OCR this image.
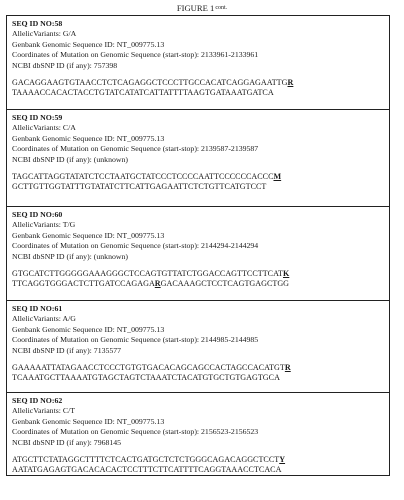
FIGURE $1^{cont.}$
SEQ ID NO:58
AllelicVariants: G/A
Genbank Genomic Sequence ID: NT_009775.13
Coordinates of Mutation on Genomic Sequence (start-stop): 2133961-2133961
NCBI dbSNP ID (if any): 757398
GACAGGAAGTGTAACCTCTCAGAGGCTCCCTTGCCACATCAGGAGAATTGR
TAAAACCACACTACCTGTATCATATCATTATTTTAAGTGATAAATGATCA
SEQ ID NO:59
AllelicVariants: C/A
Genbank Genomic Sequence ID: NT_009775.13
Coordinates of Mutation on Genomic Sequence (start-stop): 2139587-2139587
NCBI dbSNP ID (if any): (unknown)
TAGCATTAGGTATATCTCCTAATGCTATCCCTCCCCAATTCCCCCCACCCM
GCTTGTTGGTATTTGTATATCTTCATTGAGAATTCTCTGTTCATGTCCT
SEQ ID NO:60
AllelicVariants: T/G
Genbank Genomic Sequence ID: NT_009775.13
Coordinates of Mutation on Genomic Sequence (start-stop): 2144294-2144294
NCBI dbSNP ID (if any): (unknown)
GTGCATCTTGGGGGAAAGGGCTCCAGTGTTATCTGGACCAGTTCCTTCATK
TTCAGGTGGGACTCTTGATCCAGAGARGACAAAGCTCCTCAGTGAGCTGG
SEQ ID NO:61
AllelicVariants: A/G
Genbank Genomic Sequence ID: NT_009775.13
Coordinates of Mutation on Genomic Sequence (start-stop): 2144985-2144985
NCBI dbSNP ID (if any): 7135577
GAAAAATTATAGAACCTCCCTGTGTGACACAGCAGCCACTAGCCACATGTR
TCAAATGCTTAAAATGTAGCTAGTCTAAATCTACATGTGCTGTGAGTGCA
SEQ ID NO:62
AllelicVariants: C/T
Genbank Genomic Sequence ID: NT_009775.13
Coordinates of Mutation on Genomic Sequence (start-stop): 2156523-2156523
NCBI dbSNP ID (if any): 7968145
ATGCTTCTATAGGCTTTTCTCACTGATGCTCTCTGGGCAGACAGGCTCCTY
AATATGAGAGTGACACACACTCCTTTCTTCATTTTCAGGTAAACCTCACA
